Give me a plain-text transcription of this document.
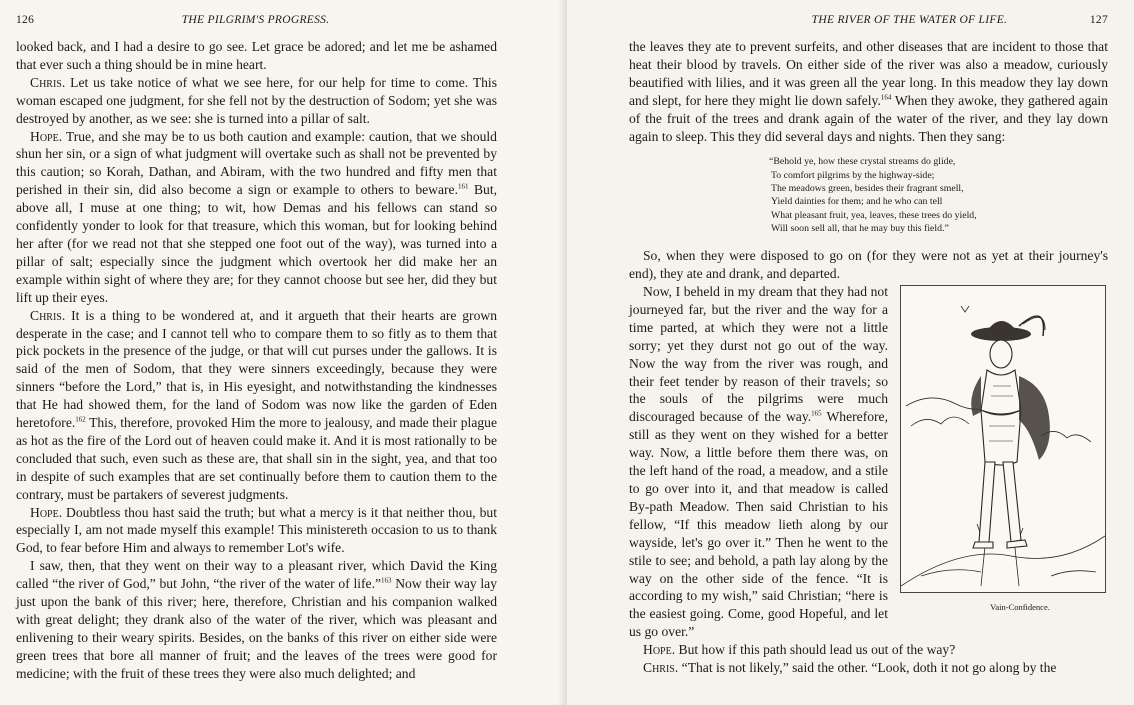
126	THE PILGRIM'S PROGRESS.

looked back, and I had a desire to go see. Let grace be adored; and let me be ashamed that ever such a thing should be in mine heart.

Chris. Let us take notice of what we see here, for our help for time to come. This woman escaped one judgment, for she fell not by the destruction of Sodom; yet she was destroyed by another, as we see: she is turned into a pillar of salt.

Hope. True, and she may be to us both caution and example: caution, that we should shun her sin, or a sign of what judgment will overtake such as shall not be prevented by this caution; so Korah, Dathan, and Abiram, with the two hundred and fifty men that perished in their sin, did also become a sign or example to others to beware.$^{161}$ But, above all, I muse at one thing; to wit, how Demas and his fellows can stand so confidently yonder to look for that treasure, which this woman, but for looking behind her after (for we read not that she stepped one foot out of the way), was turned into a pillar of salt; especially since the judgment which overtook her did make her an example within sight of where they are; for they cannot choose but see her, did they but lift up their eyes.

Chris. It is a thing to be wondered at, and it argueth that their hearts are grown desperate in the case; and I cannot tell who to compare them to so fitly as to them that pick pockets in the presence of the judge, or that will cut purses under the gallows. It is said of the men of Sodom, that they were sinners exceedingly, because they were sinners “before the Lord,” that is, in His eyesight, and notwithstanding the kindnesses that He had showed them, for the land of Sodom was now like the garden of Eden heretofore.$^{162}$ This, therefore, provoked Him the more to jealousy, and made their plague as hot as the fire of the Lord out of heaven could make it. And it is most rationally to be concluded that such, even such as these are, that shall sin in the sight, yea, and that too in despite of such examples that are set continually before them to caution them to the contrary, must be partakers of severest judgments.

Hope. Doubtless thou hast said the truth; but what a mercy is it that neither thou, but especially I, am not made myself this example! This ministereth occasion to us to thank God, to fear before Him and always to remember Lot's wife.

I saw, then, that they went on their way to a pleasant river, which David the King called “the river of God,” but John, “the river of the water of life.”$^{163}$ Now their way lay just upon the bank of this river; here, therefore, Christian and his companion walked with great delight; they drank also of the water of the river, which was pleasant and enlivening to their weary spirits. Besides, on the banks of this river on either side were green trees that bore all manner of fruit; and the leaves of the trees were good for medicine; with the fruit of these trees they were also much delighted; and

THE RIVER OF THE WATER OF LIFE.	127

the leaves they ate to prevent surfeits, and other diseases that are incident to those that heat their blood by travels. On either side of the river was also a meadow, curiously beautified with lilies, and it was green all the year long. In this meadow they lay down and slept, for here they might lie down safely.$^{164}$ When they awoke, they gathered again of the fruit of the trees and drank again of the water of the river, and they lay down again to sleep. This they did several days and nights. Then they sang:

“Behold ye, how these crystal streams do glide,
To comfort pilgrims by the highway-side;
The meadows green, besides their fragrant smell,
Yield dainties for them; and he who can tell
What pleasant fruit, yea, leaves, these trees do yield,
Will soon sell all, that he may buy this field.”

So, when they were disposed to go on (for they were not as yet at their journey's end), they ate and drank, and departed.

Vain-Confidence.
Now, I beheld in my dream that they had not journeyed far, but the river and the way for a time parted, at which they were not a little sorry; yet they durst not go out of the way. Now the way from the river was rough, and their feet tender by reason of their travels; so the souls of the pilgrims were much discouraged because of the way.$^{165}$ Wherefore, still as they went on they wished for a better way. Now, a little before them there was, on the left hand of the road, a meadow, and a stile to go over into it, and that meadow is called By-path Meadow. Then said Christian to his fellow, “If this meadow lieth along by our wayside, let's go over it.” Then he went to the stile to see; and behold, a path lay along by the way on the other side of the fence. “It is according to my wish,” said Christian; “here is the easiest going. Come, good Hopeful, and let us go over.”

Hope. But how if this path should lead us out of the way?

Chris. “That is not likely,” said the other. “Look, doth it not go along by the
